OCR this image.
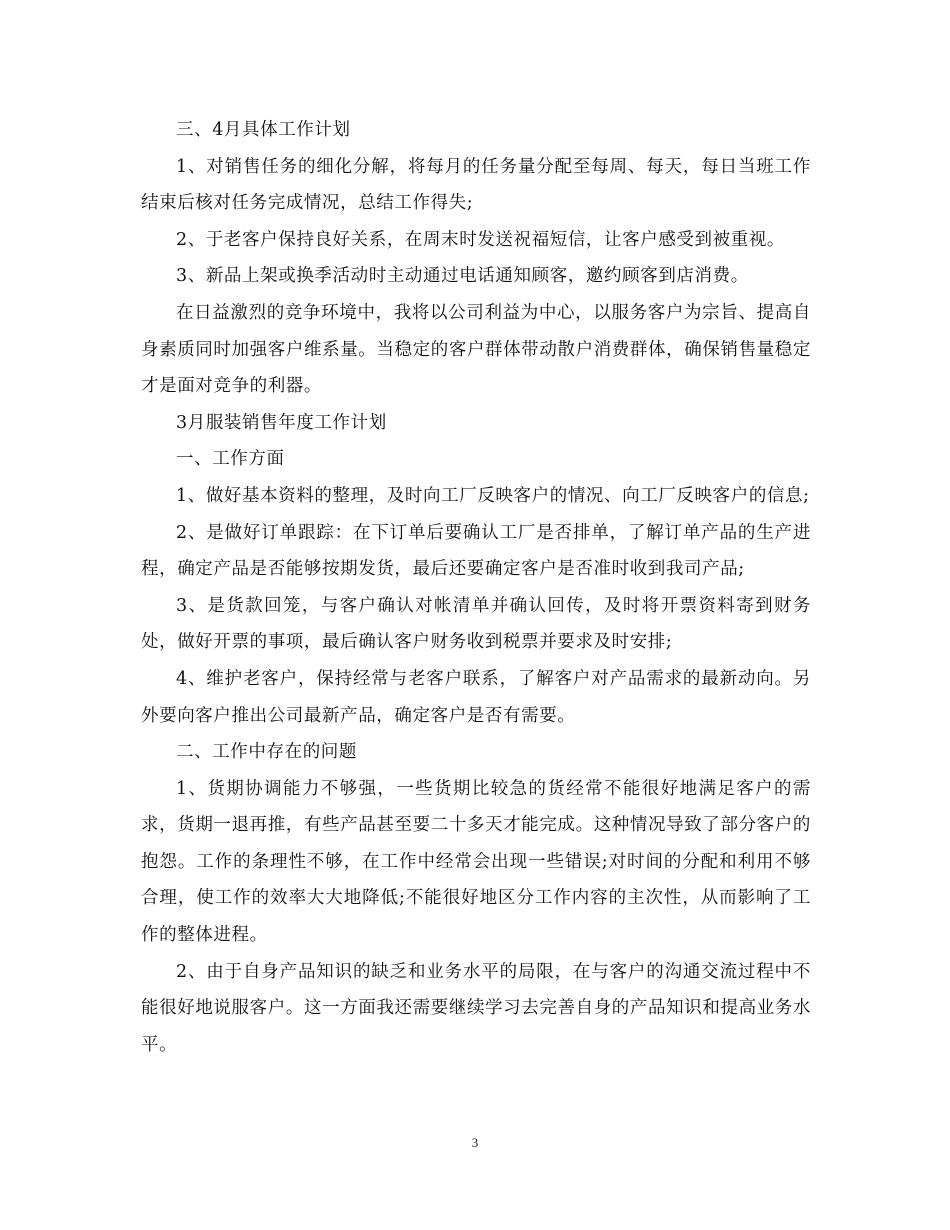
三、4月具体工作计划

1、对销售任务的细化分解，将每月的任务量分配至每周、每天，每日当班工作结束后核对任务完成情况，总结工作得失;

2、于老客户保持良好关系，在周末时发送祝福短信，让客户感受到被重视。

3、新品上架或换季活动时主动通过电话通知顾客，邀约顾客到店消费。

在日益激烈的竞争环境中，我将以公司利益为中心，以服务客户为宗旨、提高自身素质同时加强客户维系量。当稳定的客户群体带动散户消费群体，确保销售量稳定才是面对竞争的利器。

3月服装销售年度工作计划

一、工作方面

1、做好基本资料的整理，及时向工厂反映客户的情况、向工厂反映客户的信息;

2、是做好订单跟踪：在下订单后要确认工厂是否排单，了解订单产品的生产进程，确定产品是否能够按期发货，最后还要确定客户是否准时收到我司产品;

3、是货款回笼，与客户确认对帐清单并确认回传，及时将开票资料寄到财务处，做好开票的事项，最后确认客户财务收到税票并要求及时安排;

4、维护老客户，保持经常与老客户联系，了解客户对产品需求的最新动向。另外要向客户推出公司最新产品，确定客户是否有需要。

二、工作中存在的问题

1、货期协调能力不够强，一些货期比较急的货经常不能很好地满足客户的需求，货期一退再推，有些产品甚至要二十多天才能完成。这种情况导致了部分客户的抱怨。工作的条理性不够，在工作中经常会出现一些错误;对时间的分配和利用不够合理，使工作的效率大大地降低;不能很好地区分工作内容的主次性，从而影响了工作的整体进程。

2、由于自身产品知识的缺乏和业务水平的局限，在与客户的沟通交流过程中不能很好地说服客户。这一方面我还需要继续学习去完善自身的产品知识和提高业务水平。

3
